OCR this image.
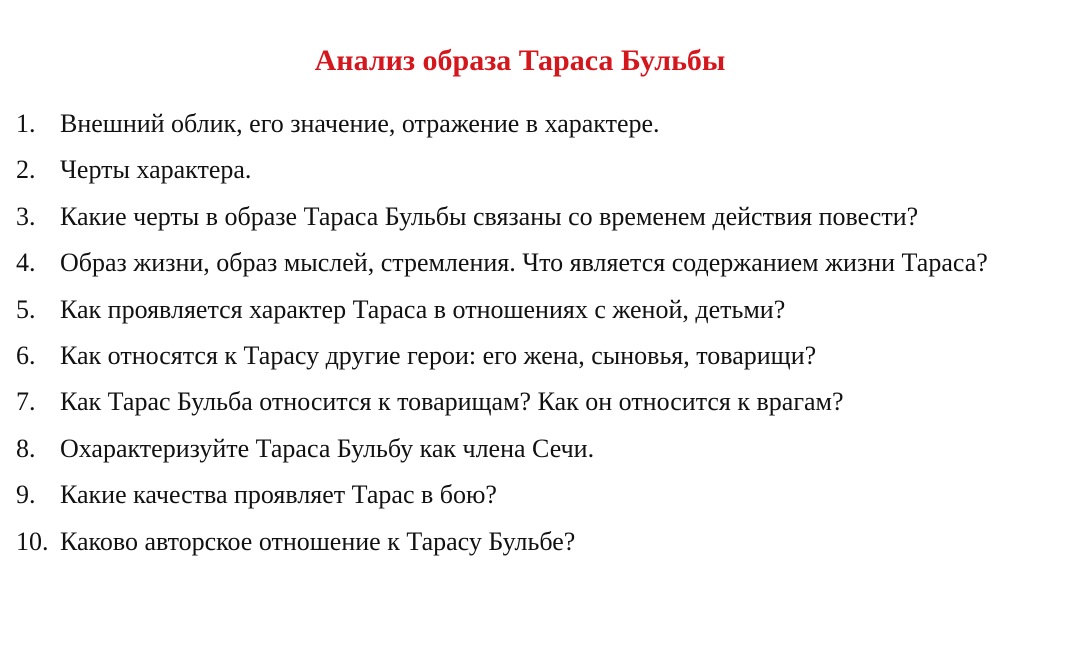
Анализ образа Тараса Бульбы
1. Внешний облик, его значение, отражение в характере.
2. Черты характера.
3. Какие черты в образе Тараса Бульбы связаны со временем действия повести?
4. Образ жизни, образ мыслей, стремления. Что является содержанием жизни Тараса?
5. Как проявляется характер Тараса в отношениях с женой, детьми?
6. Как относятся к Тарасу другие герои: его жена, сыновья, товарищи?
7. Как Тарас Бульба относится к товарищам? Как он относится к врагам?
8. Охарактеризуйте Тараса Бульбу как члена Сечи.
9. Какие качества проявляет Тарас в бою?
10. Каково авторское отношение к Тарасу Бульбе?
